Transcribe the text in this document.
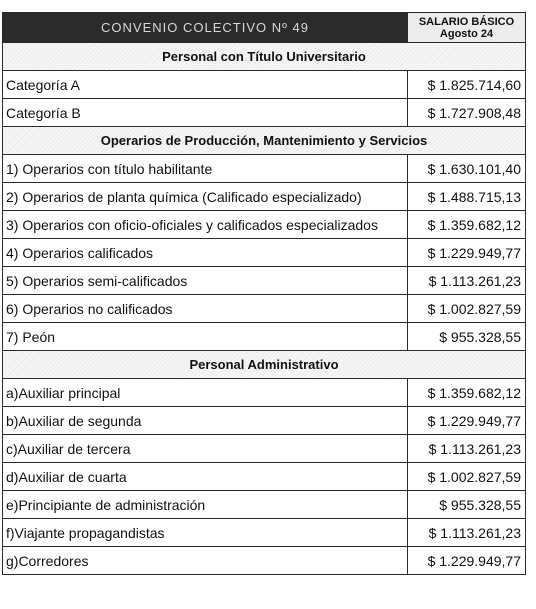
CONVENIO COLECTIVO Nº 49	SALARIO BÁSICO
Agosto 24

Personal con Título Universitario	
Categoría A	$ 1.825.714,60
Categoría B	$ 1.727.908,48
Operarios de Producción, Mantenimiento y Servicios	
1) Operarios con título habilitante	$ 1.630.101,40
2) Operarios de planta química (Calificado especializado)	$ 1.488.715,13
3) Operarios con oficio-oficiales y calificados especializados	$ 1.359.682,12
4) Operarios calificados	$ 1.229.949,77
5) Operarios semi-calificados	$ 1.113.261,23
6) Operarios no calificados	$ 1.002.827,59
7) Peón	$ 955.328,55
Personal Administrativo	
a)Auxiliar principal	$ 1.359.682,12
b)Auxiliar de segunda	$ 1.229.949,77
c)Auxiliar de tercera	$ 1.113.261,23
d)Auxiliar de cuarta	$ 1.002.827,59
e)Principiante de administración	$ 955.328,55
f)Viajante propagandistas	$ 1.113.261,23
g)Corredores	$ 1.229.949,77
